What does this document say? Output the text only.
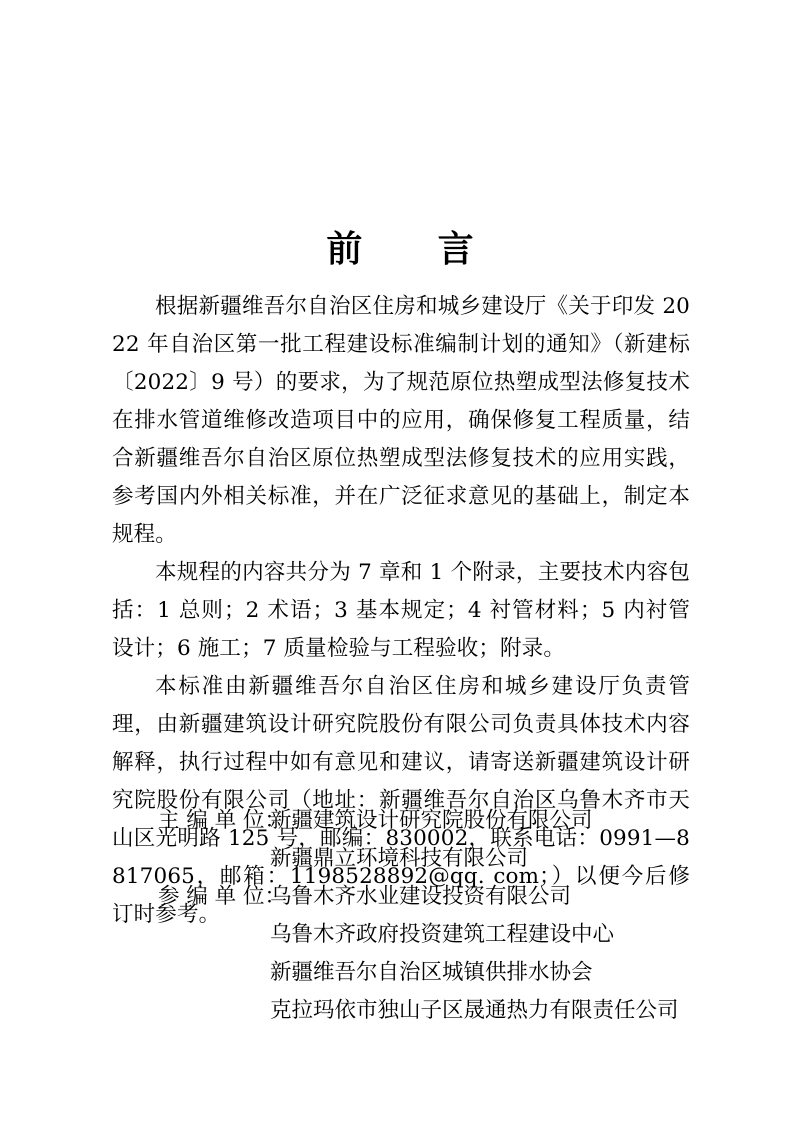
前      言

根据新疆维吾尔自治区住房和城乡建设厅《关于印发 2022 年自治区第一批工程建设标准编制计划的通知》（新建标〔2022〕9 号）的要求，为了规范原位热塑成型法修复技术在排水管道维修改造项目中的应用，确保修复工程质量，结合新疆维吾尔自治区原位热塑成型法修复技术的应用实践，参考国内外相关标准，并在广泛征求意见的基础上，制定本规程。

本规程的内容共分为 7 章和 1 个附录，主要技术内容包括：1 总则；2 术语；3 基本规定；4 衬管材料；5 内衬管设计；6 施工；7 质量检验与工程验收；附录。

本标准由新疆维吾尔自治区住房和城乡建设厅负责管理，由新疆建筑设计研究院股份有限公司负责具体技术内容解释，执行过程中如有意见和建议，请寄送新疆建筑设计研究院股份有限公司（地址：新疆维吾尔自治区乌鲁木齐市天山区光明路 125 号，邮编：830002，联系电话：0991—8817065，邮箱：1198528892@qq. com；）以便今后修订时参考。

主 编 单 位：
新疆建筑设计研究院股份有限公司
新疆鼎立环境科技有限公司
参 编 单 位：
乌鲁木齐水业建设投资有限公司
乌鲁木齐政府投资建筑工程建设中心
新疆维吾尔自治区城镇供排水协会
克拉玛依市独山子区晟通热力有限责任公司
